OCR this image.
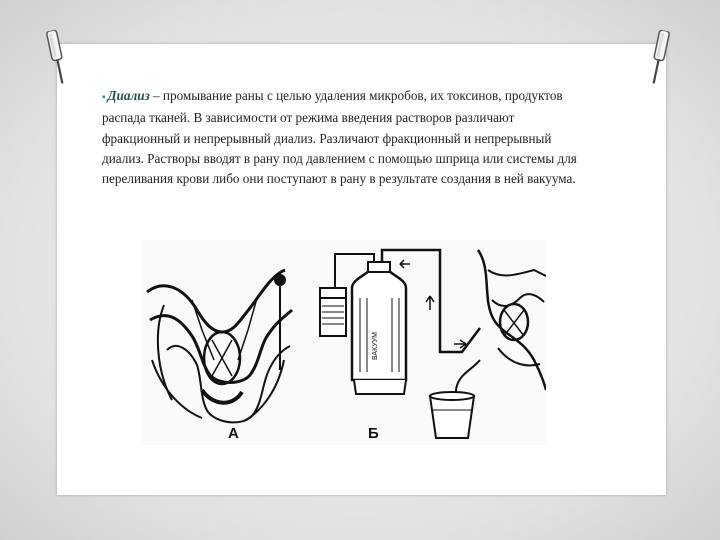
▪ Диализ – промывание раны с целью удаления микробов, их токсинов, продуктов распада тканей. В зависимости от режима введения растворов различают фракционный и непрерывный диализ. Различают фракционный и непрерывный диализ. Растворы вводят в рану под давлением с помощью шприца или системы для переливания крови либо они поступают в рану в результате создания в ней вакуума.
ВАКУУМ
А	Б
